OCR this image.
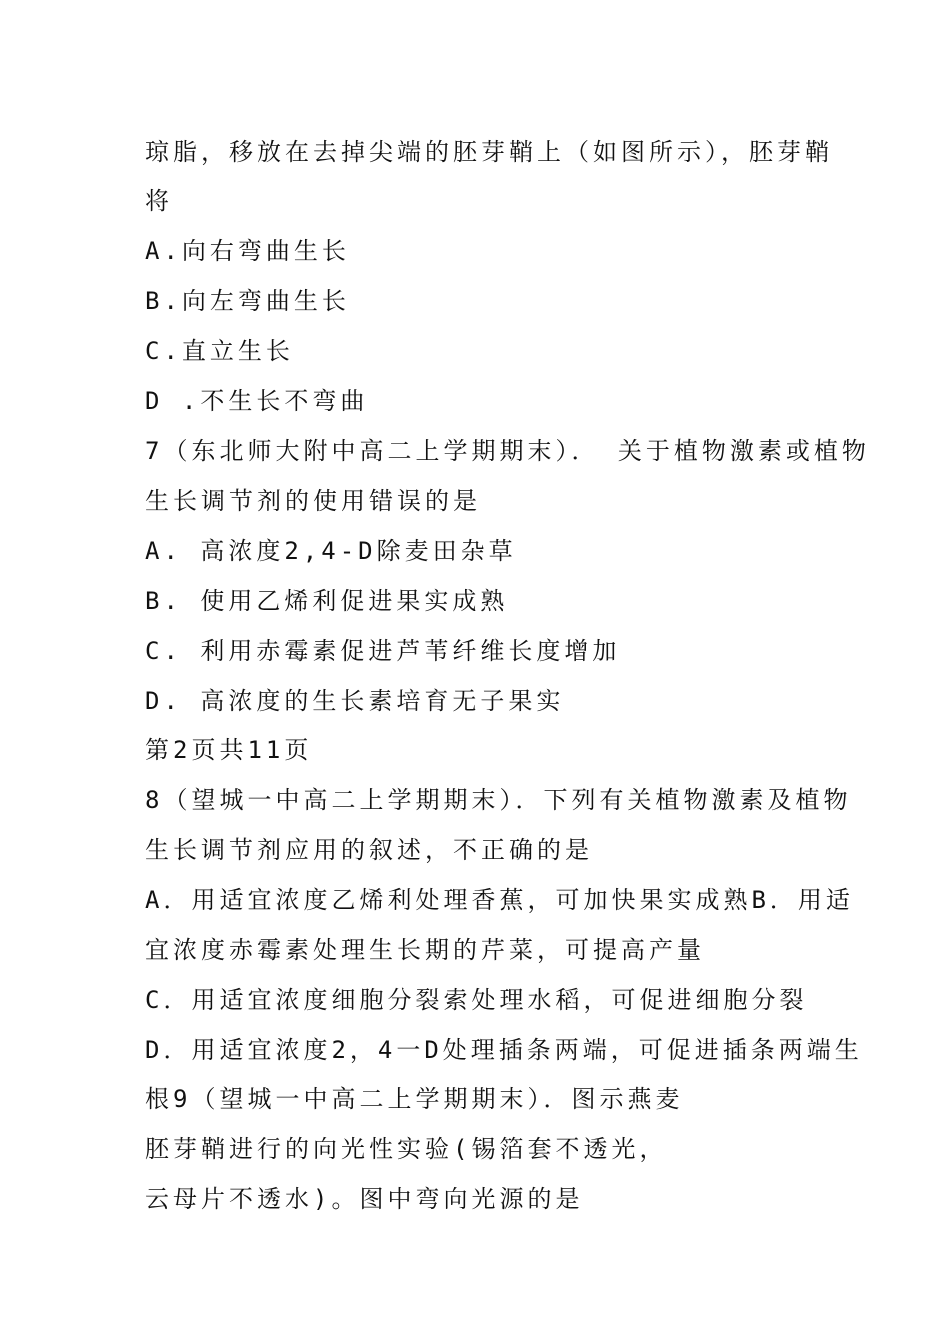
琼脂，移放在去掉尖端的胚芽鞘上（如图所示），胚芽鞘
将
A.向右弯曲生长
B.向左弯曲生长
C.直立生长
D .不生长不弯曲
7（东北师大附中高二上学期期末）． 关于植物激素或植物
生长调节剂的使用错误的是
A. 高浓度2,4-D除麦田杂草
B. 使用乙烯利促进果实成熟
C. 利用赤霉素促进芦苇纤维长度增加
D. 高浓度的生长素培育无子果实
第2页共11页
8（望城一中高二上学期期末）．下列有关植物激素及植物
生长调节剂应用的叙述，不正确的是
A．用适宜浓度乙烯利处理香蕉，可加快果实成熟B．用适
宜浓度赤霉素处理生长期的芹菜，可提高产量
C．用适宜浓度细胞分裂索处理水稻，可促进细胞分裂
D．用适宜浓度2，4一D处理插条两端，可促进插条两端生
根9（望城一中高二上学期期末）．图示燕麦
胚芽鞘进行的向光性实验(锡箔套不透光，
云母片不透水)。图中弯向光源的是
